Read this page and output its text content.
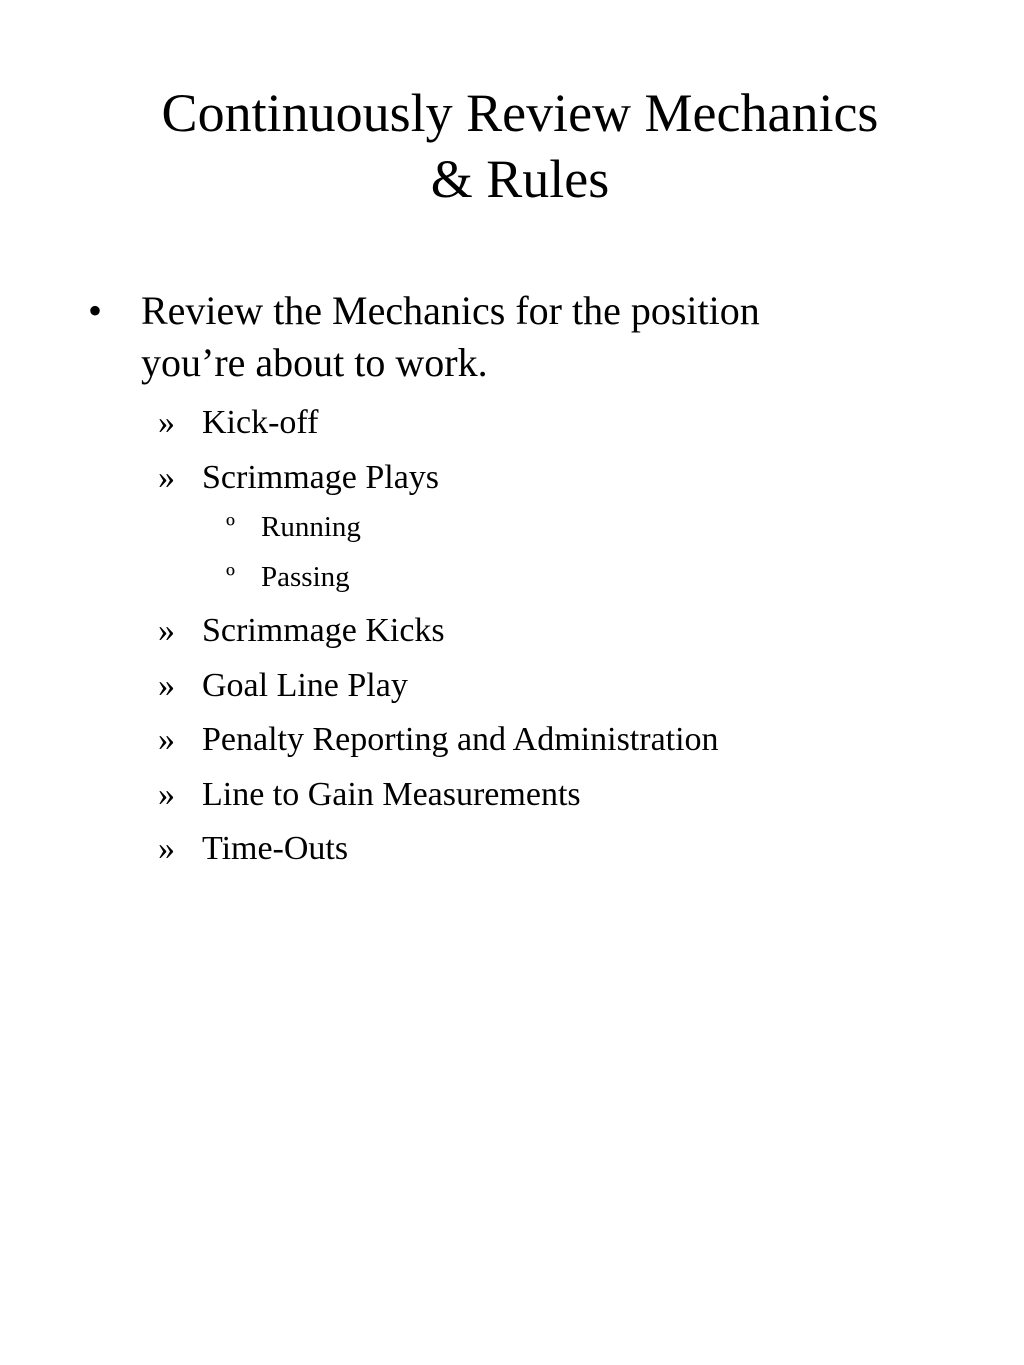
Continuously Review Mechanics
& Rules
• Review the Mechanics for the position
you’re about to work.
» Kick-off
» Scrimmage Plays
º Running
º Passing
» Scrimmage Kicks
» Goal Line Play
» Penalty Reporting and Administration
» Line to Gain Measurements
» Time-Outs
